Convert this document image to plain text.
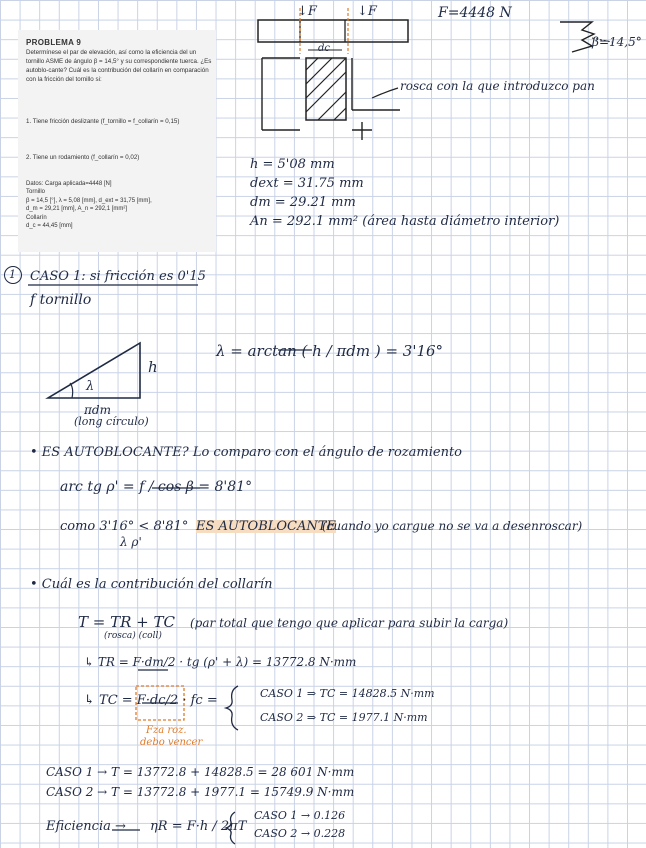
PROBLEMA 9
Determínese el par de elevación, así como la eficiencia del un tornillo ASME de ángulo β = 14,5° y su correspondiente tuerca. ¿Es autoblo-cante? Cuál es la contribución del collarín en comparación con la fricción del tornillo si:
1. Tiene fricción deslizante (f_tornillo = f_collarín = 0,15)
2. Tiene un rodamiento (f_collarín = 0,02)
Datos: Carga aplicada=4448 [N]
Tornillo
β = 14,5 [°], λ = 5,08 [mm], d_ext = 31,75 [mm],
d_m = 29,21 [mm], A_n = 292,1 [mm²]
Collarín
d_c = 44,45 [mm]
↓F	↓F	F=4448 N
dc	β=14,5°
rosca con la que introduzco pan
h = 5'08 mm
dext = 31.75 mm
dm = 29.21 mm
An = 292.1 mm² (área hasta diámetro interior)
1 CASO 1: si fricción es 0'15
f tornillo
h
λ
πdm
(long círculo)
λ = arctan ( h / πdm ) = 3'16°
• ES AUTOBLOCANTE? Lo comparo con el ángulo de rozamiento
arc tg ρ' = f / cos β = 8'81°
como 3'16° < 8'81°
λ ρ'
ES AUTOBLOCANTE
(cuando yo cargue no se va a desenroscar)
• Cuál es la contribución del collarín
T = TR + TC
(rosca) (coll)
(par total que tengo que aplicar para subir la carga)
↳ TR = F·dm/2 · tg (ρ' + λ) = 13772.8 N·mm
↳ TC = F·dc/2 · fc =
Fza roz.
debo vencer
CASO 1 ⇒ TC = 14828.5 N·mm
CASO 2 ⇒ TC = 1977.1 N·mm
CASO 1 → T = 13772.8 + 14828.5 = 28 601 N·mm
CASO 2 → T = 13772.8 + 1977.1 = 15749.9 N·mm
Eficiencia → ηR = F·h / 2πT
CASO 1 → 0.126
CASO 2 → 0.228
